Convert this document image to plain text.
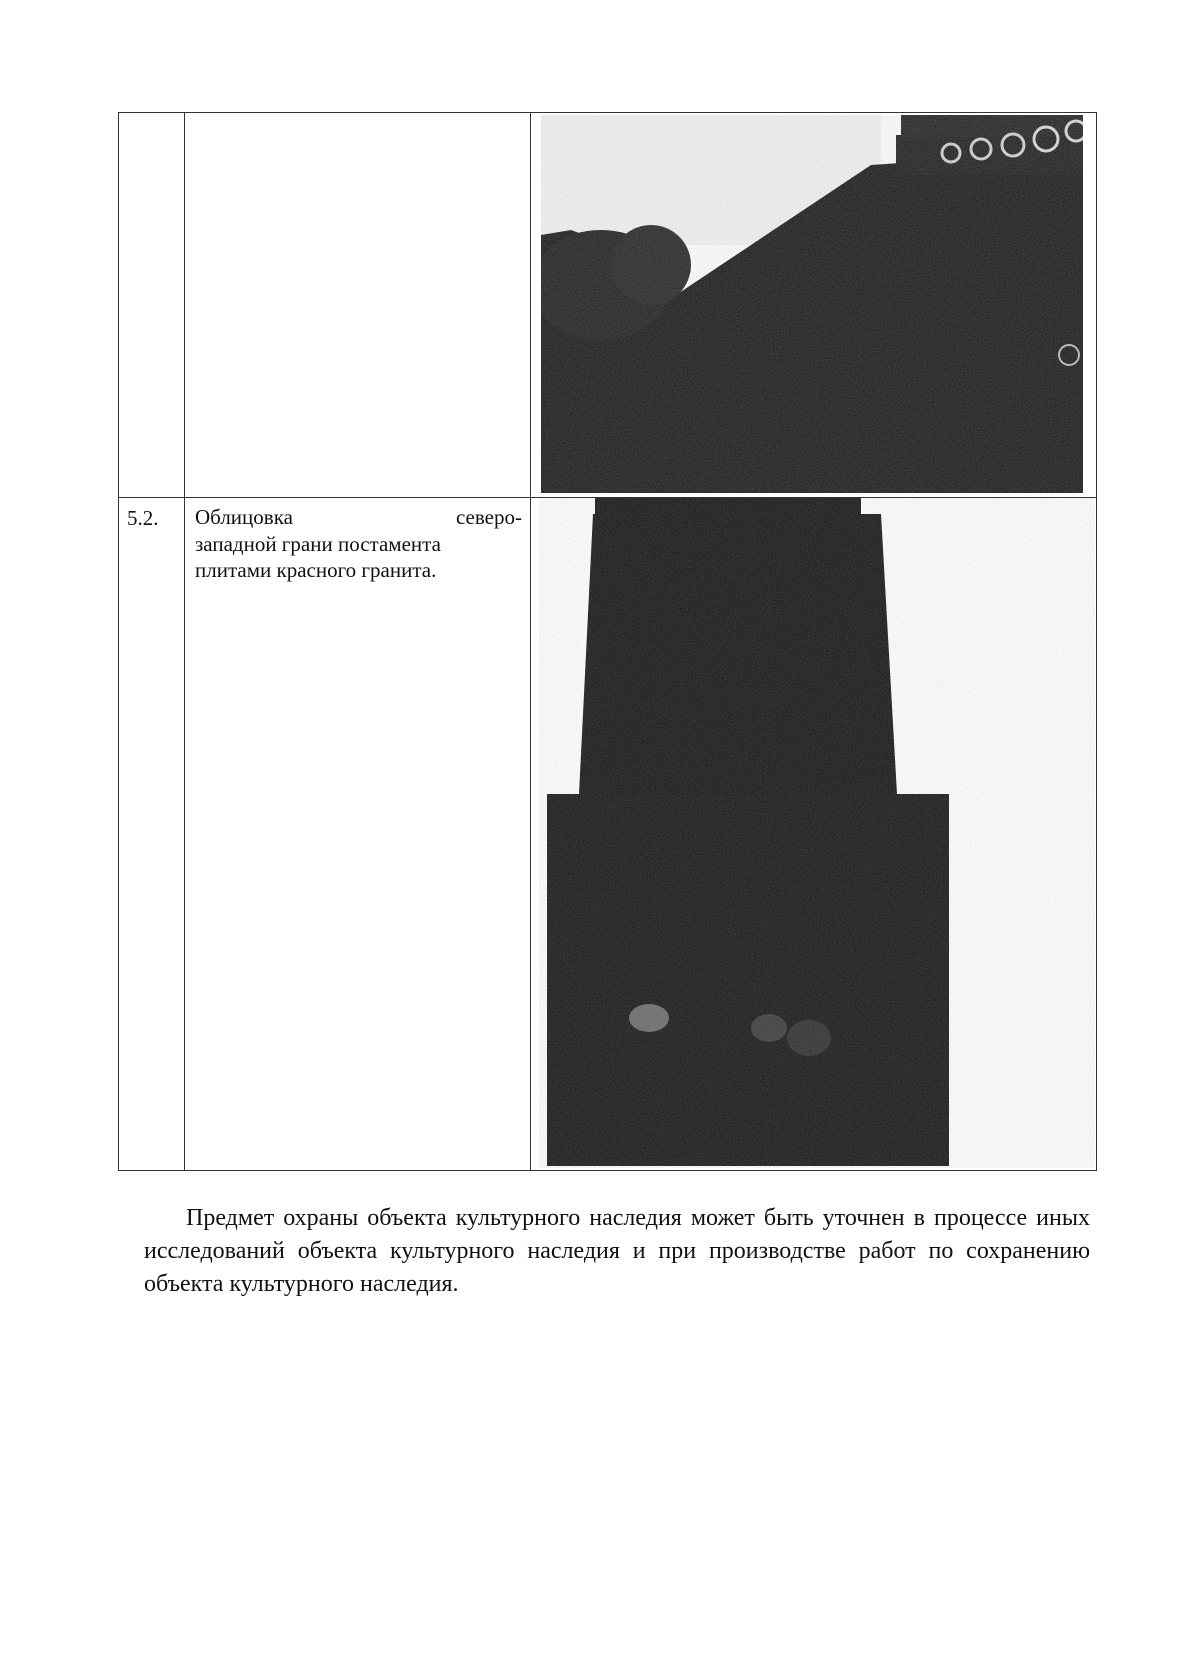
5.2.	Облицовка северо-
западной грани постамента
плитами красного гранита.

Предмет охраны объекта культурного наследия может быть уточнен в процессе иных исследований объекта культурного наследия и при производстве работ по сохранению объекта культурного наследия.
